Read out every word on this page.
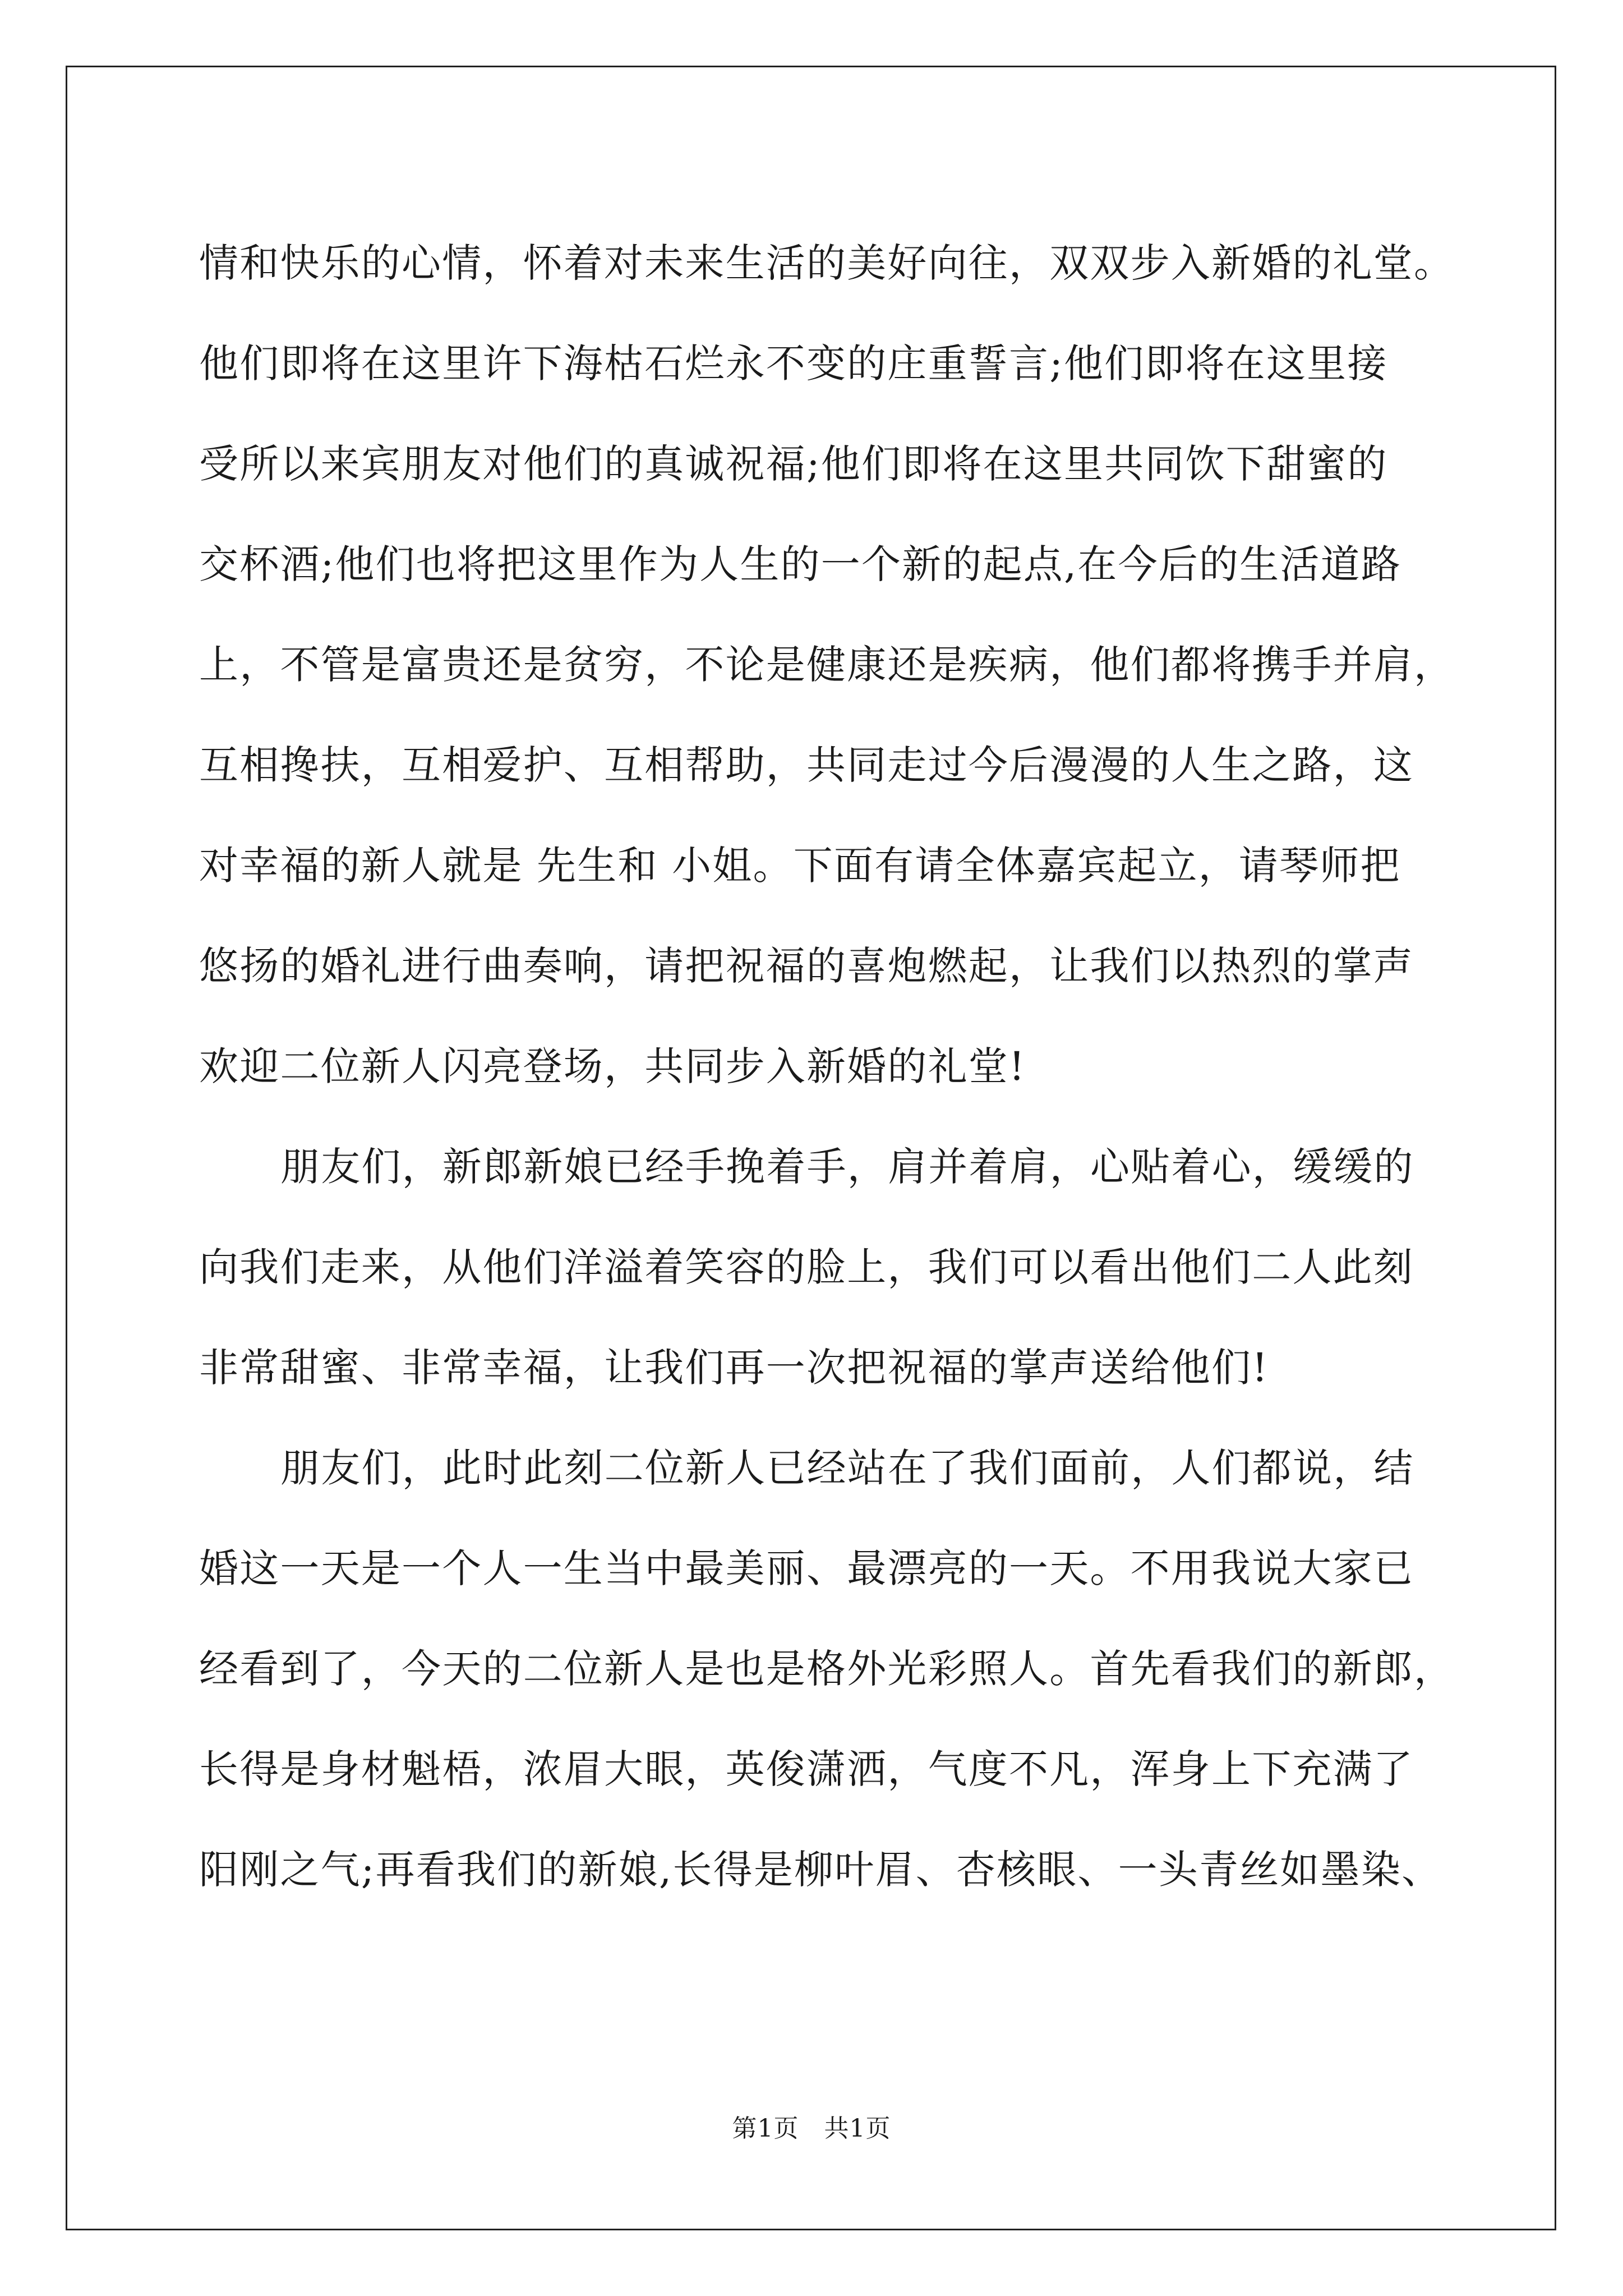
情和快乐的心情，怀着对未来生活的美好向往，双双步入新婚的礼堂。
他们即将在这里许下海枯石烂永不变的庄重誓言;他们即将在这里接
受所以来宾朋友对他们的真诚祝福;他们即将在这里共同饮下甜蜜的
交杯酒;他们也将把这里作为人生的一个新的起点,在今后的生活道路
上，不管是富贵还是贫穷，不论是健康还是疾病，他们都将携手并肩，
互相搀扶，互相爱护、互相帮助，共同走过今后漫漫的人生之路，这
对幸福的新人就是 先生和 小姐。下面有请全体嘉宾起立，请琴师把
悠扬的婚礼进行曲奏响，请把祝福的喜炮燃起，让我们以热烈的掌声
欢迎二位新人闪亮登场，共同步入新婚的礼堂!
朋友们，新郎新娘已经手挽着手，肩并着肩，心贴着心，缓缓的
向我们走来，从他们洋溢着笑容的脸上，我们可以看出他们二人此刻
非常甜蜜、非常幸福，让我们再一次把祝福的掌声送给他们!
朋友们，此时此刻二位新人已经站在了我们面前，人们都说，结
婚这一天是一个人一生当中最美丽、最漂亮的一天。不用我说大家已
经看到了，今天的二位新人是也是格外光彩照人。首先看我们的新郎，
长得是身材魁梧，浓眉大眼，英俊潇洒，气度不凡，浑身上下充满了
阳刚之气;再看我们的新娘,长得是柳叶眉、杏核眼、一头青丝如墨染、
第1页　共1页
